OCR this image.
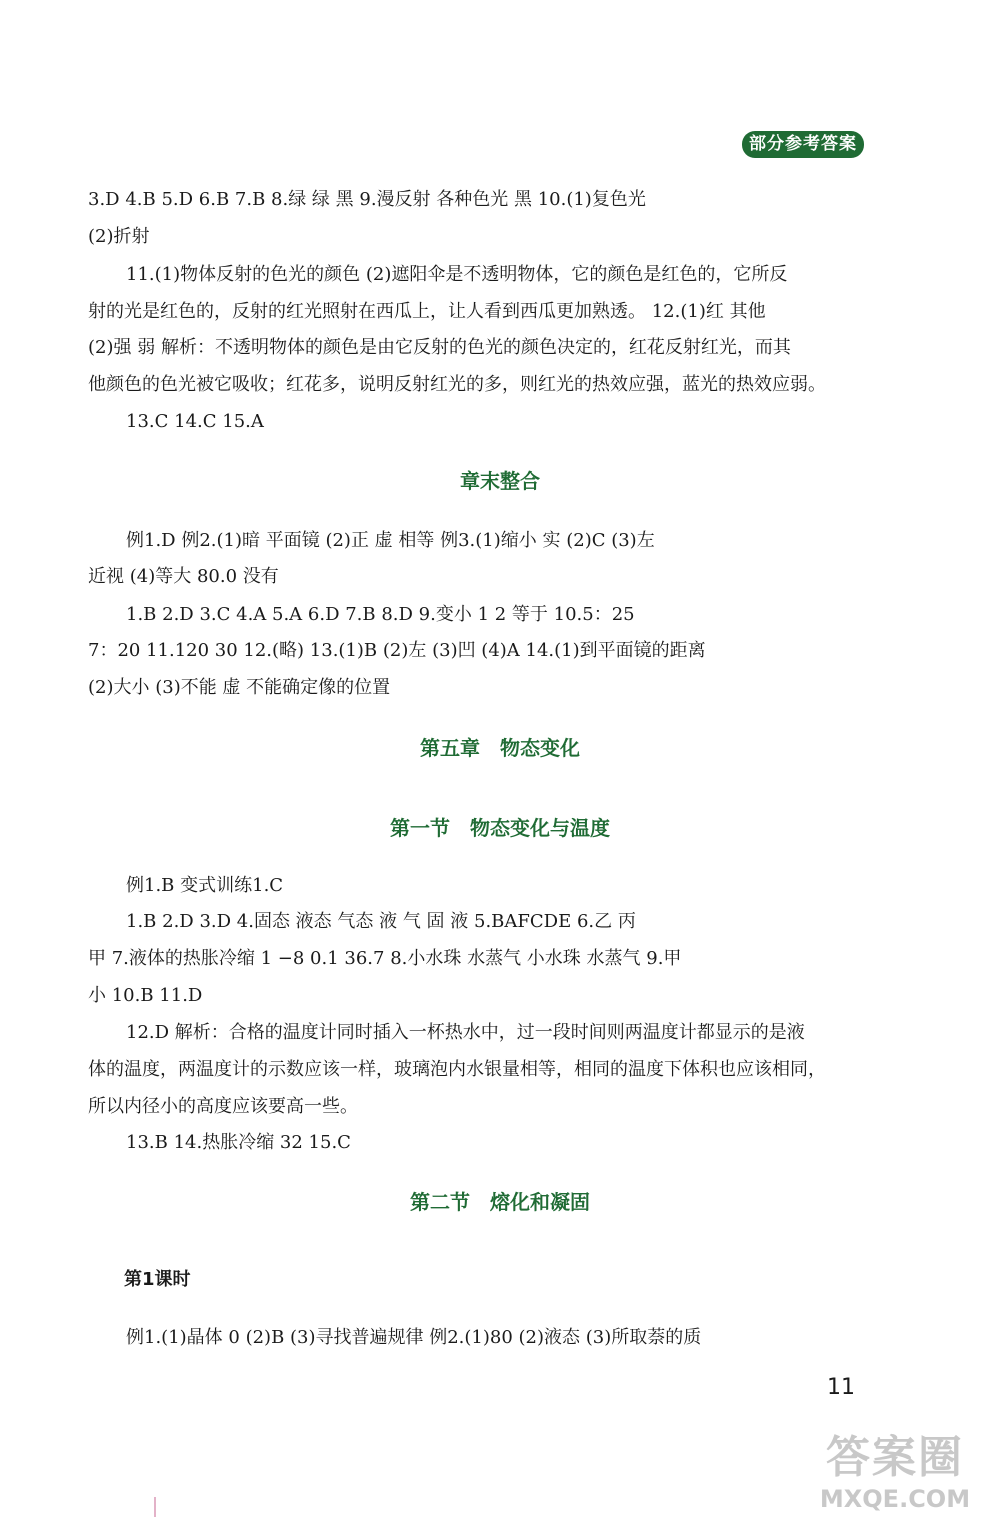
部分参考答案
3.D 4.B 5.D 6.B 7.B 8.绿 绿 黑 9.漫反射 各种色光 黑 10.(1)复色光
(2)折射
11.(1)物体反射的色光的颜色 (2)遮阳伞是不透明物体，它的颜色是红色的，它所反
射的光是红色的，反射的红光照射在西瓜上，让人看到西瓜更加熟透。 12.(1)红 其他
(2)强 弱 解析：不透明物体的颜色是由它反射的色光的颜色决定的，红花反射红光，而其
他颜色的色光被它吸收；红花多，说明反射红光的多，则红光的热效应强，蓝光的热效应弱。
13.C 14.C 15.A
章末整合
例1.D 例2.(1)暗 平面镜 (2)正 虚 相等 例3.(1)缩小 实 (2)C (3)左
近视 (4)等大 80.0 没有
1.B 2.D 3.C 4.A 5.A 6.D 7.B 8.D 9.变小 1 2 等于 10.5：25
7：20 11.120 30 12.(略) 13.(1)B (2)左 (3)凹 (4)A 14.(1)到平面镜的距离
(2)大小 (3)不能 虚 不能确定像的位置
第五章　物态变化
第一节　物态变化与温度
例1.B 变式训练1.C
1.B 2.D 3.D 4.固态 液态 气态 液 气 固 液 5.BAFCDE 6.乙 丙
甲 7.液体的热胀冷缩 1 −8 0.1 36.7 8.小水珠 水蒸气 小水珠 水蒸气 9.甲
小 10.B 11.D
12.D 解析：合格的温度计同时插入一杯热水中，过一段时间则两温度计都显示的是液
体的温度，两温度计的示数应该一样，玻璃泡内水银量相等，相同的温度下体积也应该相同，
所以内径小的高度应该要高一些。
13.B 14.热胀冷缩 32 15.C
第二节　熔化和凝固
第1课时
例1.(1)晶体 0 (2)B (3)寻找普遍规律 例2.(1)80 (2)液态 (3)所取萘的质
11
答案圈
MXQE.COM
